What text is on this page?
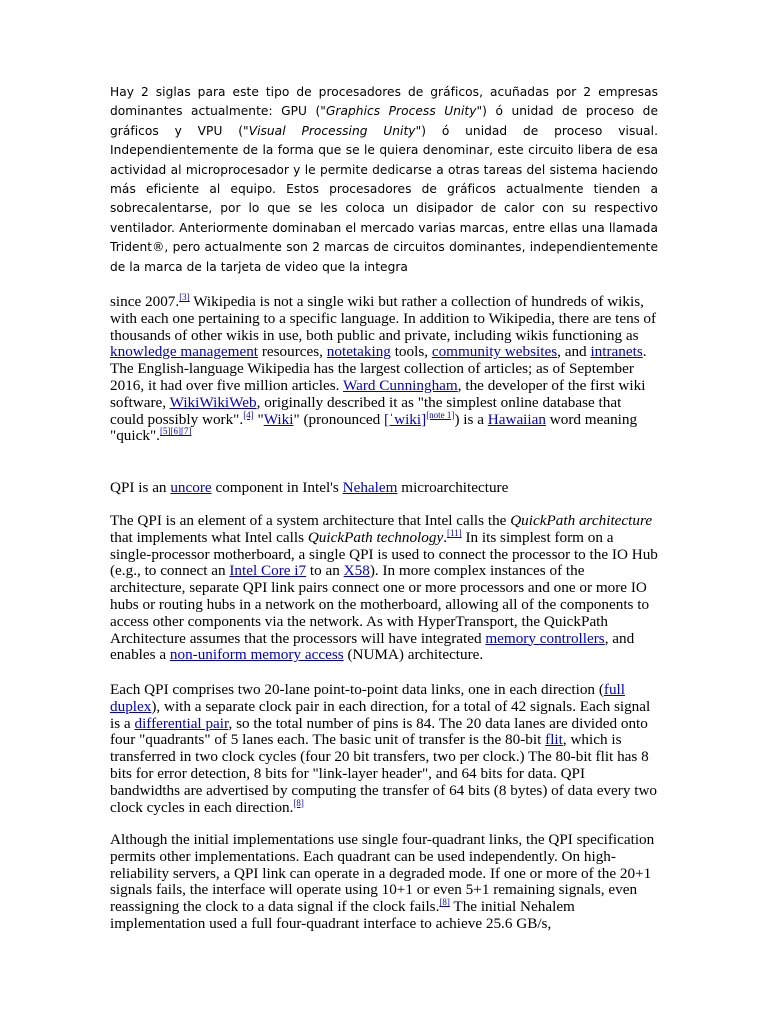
Hay 2 siglas para este tipo de procesadores de gráficos, acuñadas por 2 empresas dominantes actualmente: GPU ("Graphics Process Unity") ó unidad de proceso de gráficos y VPU ("Visual Processing Unity") ó unidad de proceso visual. Independientemente de la forma que se le quiera denominar, este circuito libera de esa actividad al microprocesador y le permite dedicarse a otras tareas del sistema haciendo más eficiente al equipo. Estos procesadores de gráficos actualmente tienden a sobrecalentarse, por lo que se les coloca un disipador de calor con su respectivo ventilador. Anteriormente dominaban el mercado varias marcas, entre ellas una llamada Trident®, pero actualmente son 2 marcas de circuitos dominantes, independientemente de la marca de la tarjeta de video que la integra

since 2007.[3] Wikipedia is not a single wiki but rather a collection of hundreds of wikis, with each one pertaining to a specific language. In addition to Wikipedia, there are tens of thousands of other wikis in use, both public and private, including wikis functioning as knowledge management resources, notetaking tools, community websites, and intranets. The English-language Wikipedia has the largest collection of articles; as of September 2016, it had over five million articles. Ward Cunningham, the developer of the first wiki software, WikiWikiWeb, originally described it as "the simplest online database that could possibly work".[4] "Wiki" (pronounced [ˈwiki][note 1]) is a Hawaiian word meaning "quick".[5][6][7]

QPI is an uncore component in Intel's Nehalem microarchitecture

The QPI is an element of a system architecture that Intel calls the QuickPath architecture that implements what Intel calls QuickPath technology.[11] In its simplest form on a single-processor motherboard, a single QPI is used to connect the processor to the IO Hub (e.g., to connect an Intel Core i7 to an X58). In more complex instances of the architecture, separate QPI link pairs connect one or more processors and one or more IO hubs or routing hubs in a network on the motherboard, allowing all of the components to access other components via the network. As with HyperTransport, the QuickPath Architecture assumes that the processors will have integrated memory controllers, and enables a non-uniform memory access (NUMA) architecture.

Each QPI comprises two 20-lane point-to-point data links, one in each direction (full duplex), with a separate clock pair in each direction, for a total of 42 signals. Each signal is a differential pair, so the total number of pins is 84. The 20 data lanes are divided onto four "quadrants" of 5 lanes each. The basic unit of transfer is the 80-bit flit, which is transferred in two clock cycles (four 20 bit transfers, two per clock.) The 80-bit flit has 8 bits for error detection, 8 bits for "link-layer header", and 64 bits for data. QPI bandwidths are advertised by computing the transfer of 64 bits (8 bytes) of data every two clock cycles in each direction.[8]

Although the initial implementations use single four-quadrant links, the QPI specification permits other implementations. Each quadrant can be used independently. On high-reliability servers, a QPI link can operate in a degraded mode. If one or more of the 20+1 signals fails, the interface will operate using 10+1 or even 5+1 remaining signals, even reassigning the clock to a data signal if the clock fails.[8] The initial Nehalem implementation used a full four-quadrant interface to achieve 25.6 GB/s,
